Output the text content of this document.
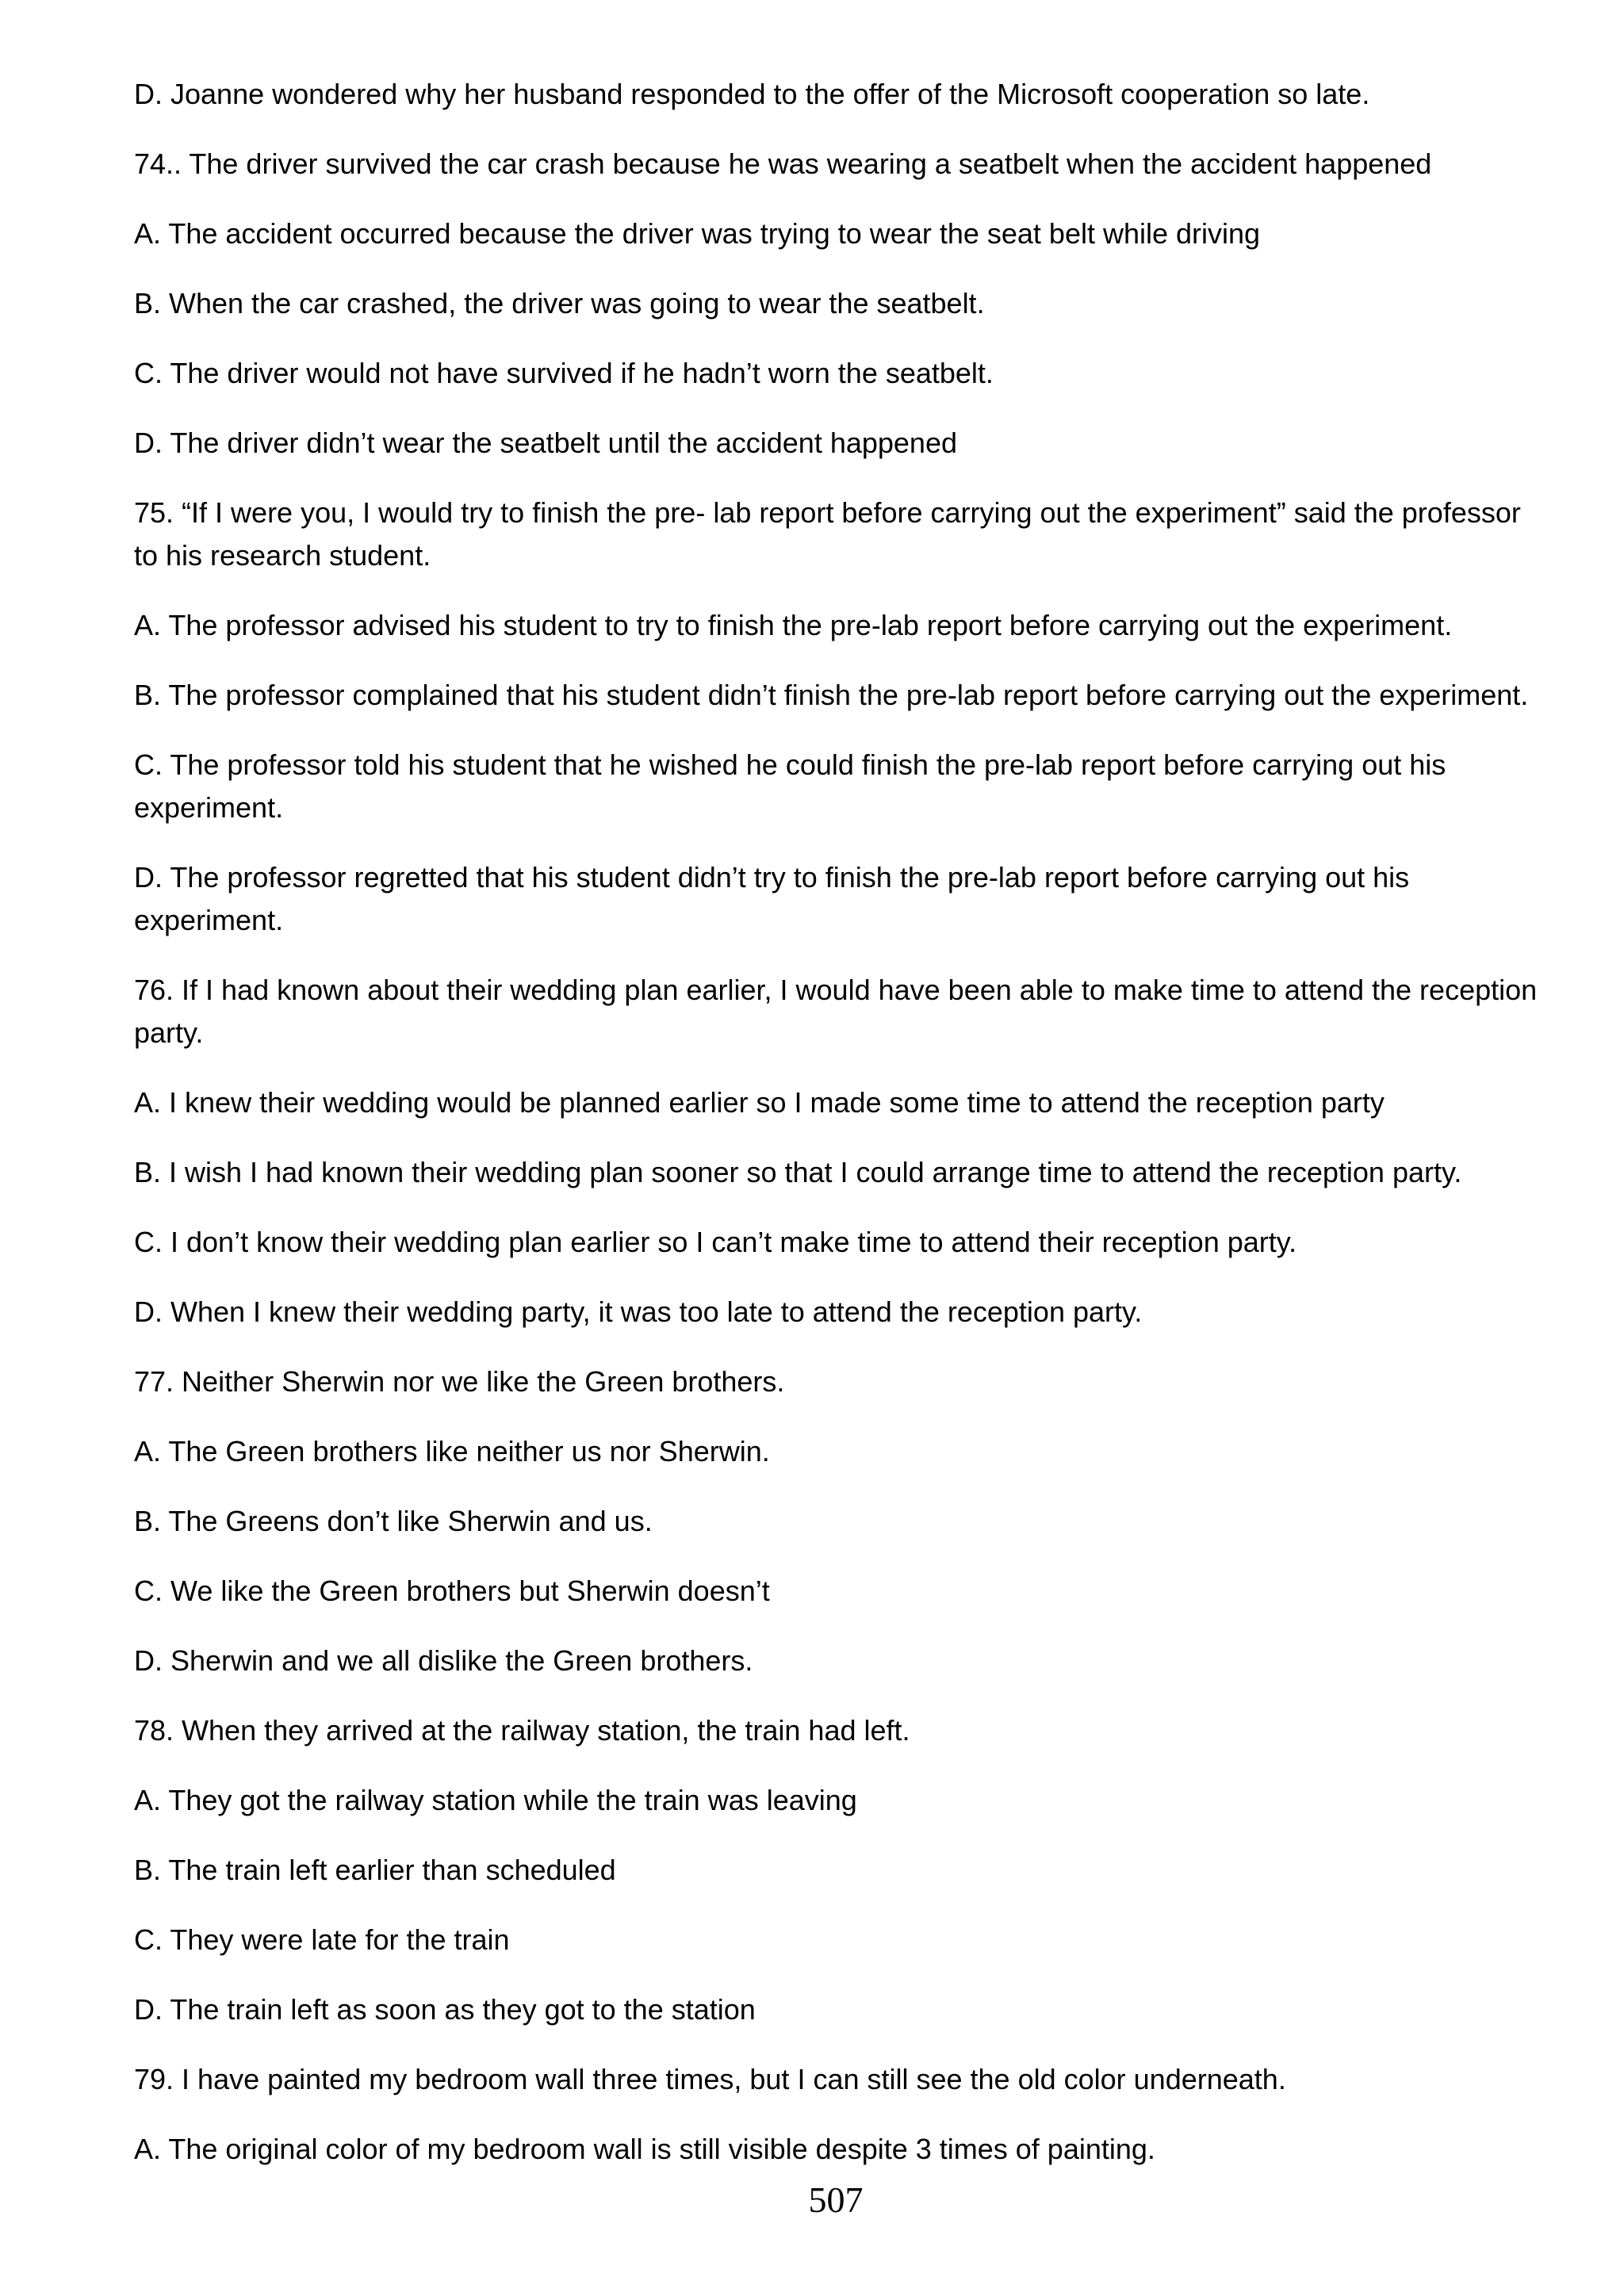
D. Joanne wondered why her husband responded to the offer of the Microsoft cooperation so late.

74.. The driver survived the car crash because he was wearing a seatbelt when the accident happened

A. The accident occurred because the driver was trying to wear the seat belt while driving

B. When the car crashed, the driver was going to wear the seatbelt.

C. The driver would not have survived if he hadn’t worn the seatbelt.

D. The driver didn’t wear the seatbelt until the accident happened

75. “If I were you, I would try to finish the pre- lab report before carrying out the experiment” said the professor to his research student.

A. The professor advised his student to try to finish the pre-lab report before carrying out the experiment.

B. The professor complained that his student didn’t finish the pre-lab report before carrying out the experiment.

C. The professor told his student that he wished he could finish the pre-lab report before carrying out his experiment.

D. The professor regretted that his student didn’t try to finish the pre-lab report before carrying out his experiment.

76. If I had known about their wedding plan earlier, I would have been able to make time to attend the reception party.

A. I knew their wedding would be planned earlier so I made some time to attend the reception party

B. I wish I had known their wedding plan sooner so that I could arrange time to attend the reception party.

C. I don’t know their wedding plan earlier so I can’t make time to attend their reception party.

D. When I knew their wedding party, it was too late to attend the reception party.

77. Neither Sherwin nor we like the Green brothers.

A. The Green brothers like neither us nor Sherwin.

B. The Greens don’t like Sherwin and us.

C. We like the Green brothers but Sherwin doesn’t

D. Sherwin and we all dislike the Green brothers.

78. When they arrived at the railway station, the train had left.

A. They got the railway station while the train was leaving

B. The train left earlier than scheduled

C. They were late for the train

D. The train left as soon as they got to the station

79. I have painted my bedroom wall three times, but I can still see the old color underneath.

A. The original color of my bedroom wall is still visible despite 3 times of painting.

507
